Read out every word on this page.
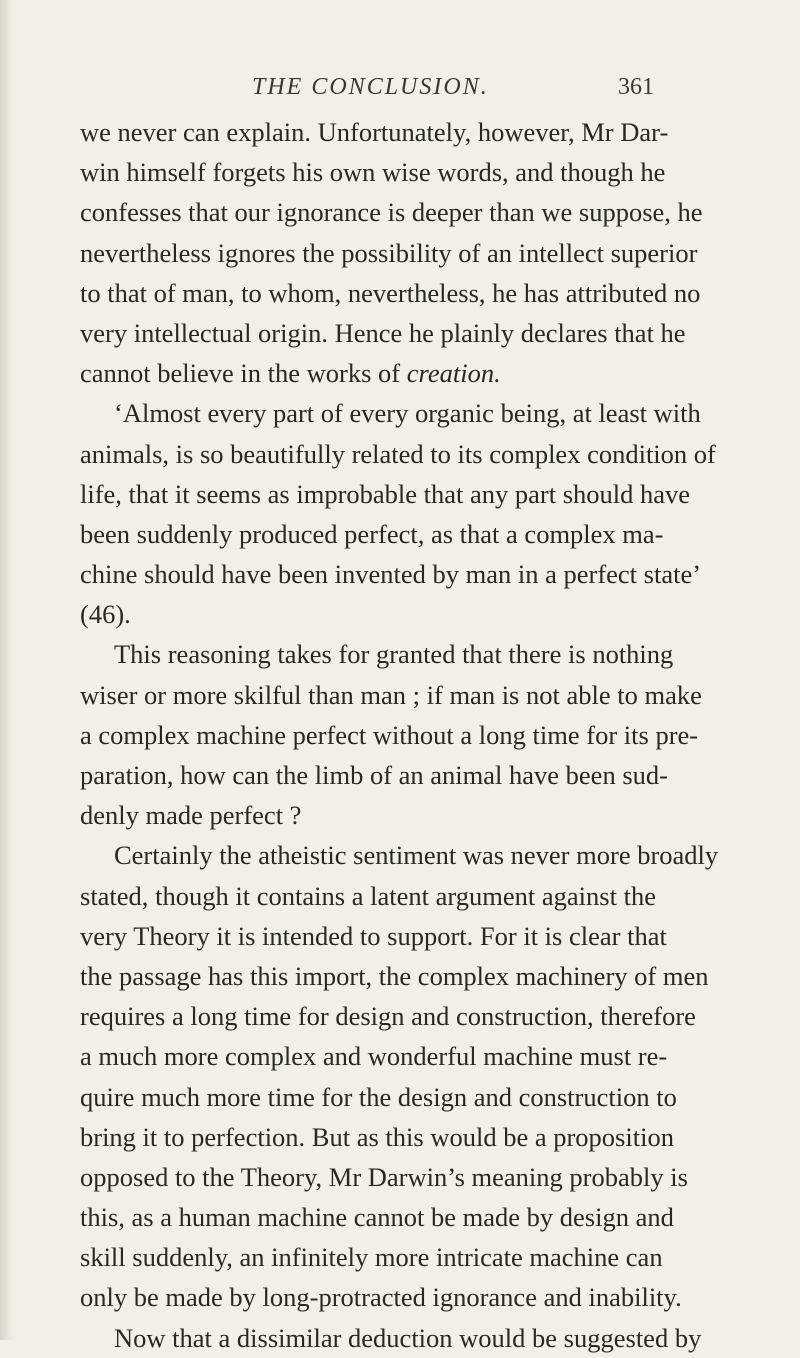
THE CONCLUSION.	361
we never can explain. Unfortunately, however, Mr Dar-
win himself forgets his own wise words, and though he
confesses that our ignorance is deeper than we suppose, he
nevertheless ignores the possibility of an intellect superior
to that of man, to whom, nevertheless, he has attributed no
very intellectual origin. Hence he plainly declares that he
cannot believe in the works of creation.
‘Almost every part of every organic being, at least with
animals, is so beautifully related to its complex condition of
life, that it seems as improbable that any part should have
been suddenly produced perfect, as that a complex ma-
chine should have been invented by man in a perfect state’
(46).
This reasoning takes for granted that there is nothing
wiser or more skilful than man ; if man is not able to make
a complex machine perfect without a long time for its pre-
paration, how can the limb of an animal have been sud-
denly made perfect ?
Certainly the atheistic sentiment was never more broadly
stated, though it contains a latent argument against the
very Theory it is intended to support. For it is clear that
the passage has this import, the complex machinery of men
requires a long time for design and construction, therefore
a much more complex and wonderful machine must re-
quire much more time for the design and construction to
bring it to perfection. But as this would be a proposition
opposed to the Theory, Mr Darwin’s meaning probably is
this, as a human machine cannot be made by design and
skill suddenly, an infinitely more intricate machine can
only be made by long-protracted ignorance and inability.
Now that a dissimilar deduction would be suggested by
